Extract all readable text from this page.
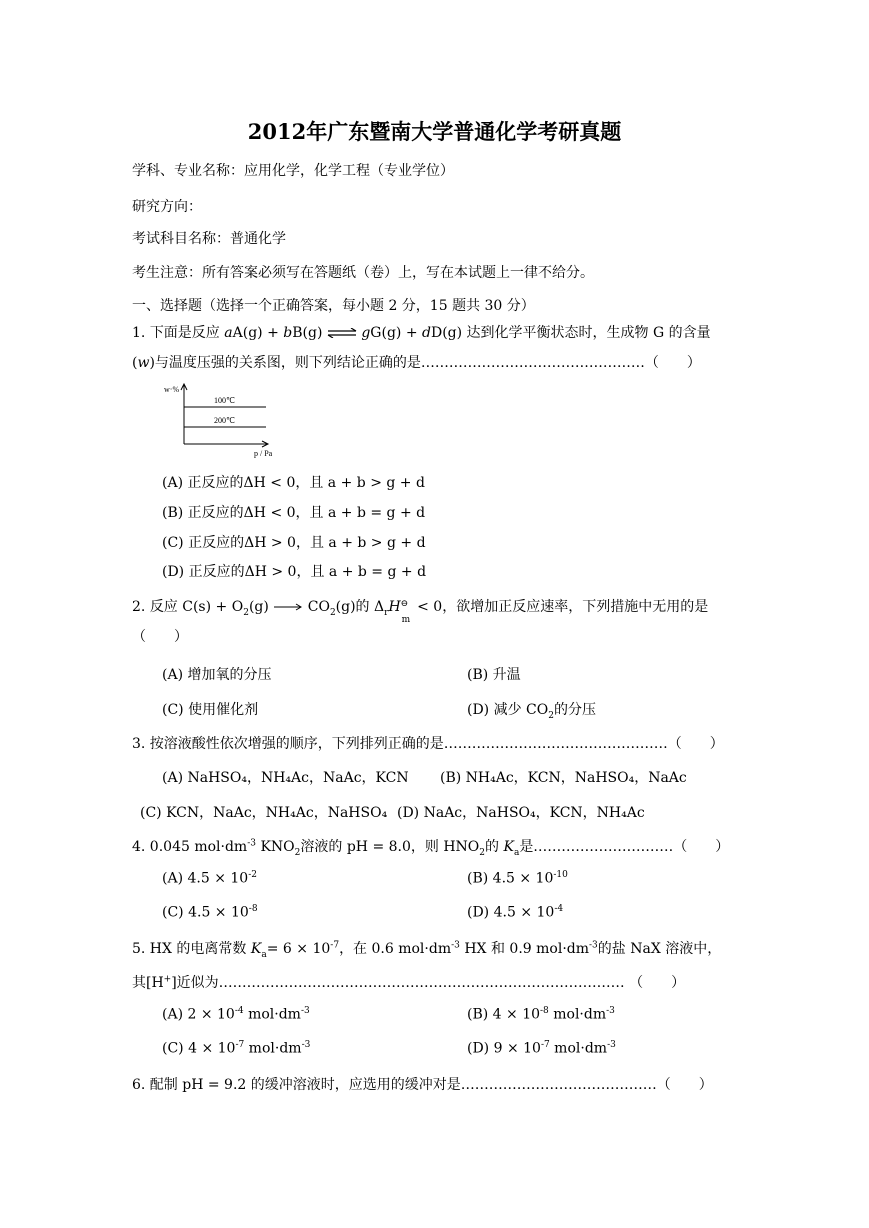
2012年广东暨南大学普通化学考研真题
学科、专业名称：应用化学，化学工程（专业学位）
研究方向：
考试科目名称：普通化学
考生注意：所有答案必须写在答题纸（卷）上，写在本试题上一律不给分。
一、选择题（选择一个正确答案，每小题 2 分，15 题共 30 分）
1. 下面是反应 aA(g) + bB(g) ⇌ gG(g) + dD(g) 达到化学平衡状态时，生成物 G 的含量
(w)与温度压强的关系图，则下列结论正确的是…………………………………………（　　）
w·%
100℃
200℃
p / Pa
(A) 正反应的ΔH < 0，且 a + b > g + d
(B) 正反应的ΔH < 0，且 a + b = g + d
(C) 正反应的ΔH > 0，且 a + b > g + d
(D) 正反应的ΔH > 0，且 a + b = g + d
2. 反应 $C(s) + O_2(g) \to CO_2(g)$的 $\Delta_rH$ ⊖
m
< 0，欲增加正反应速率，下列措施中无用的是
（　　）
(A) 增加氧的分压	(B) 升温
(C) 使用催化剂	(D) 减少 $CO_2$的分压
3. 按溶液酸性依次增强的顺序，下列排列正确的是…………………………………………（　　）
(A) NaHSO₄，NH₄Ac，NaAc，KCN (B) NH₄Ac，KCN，NaHSO₄，NaAc
(C) KCN，NaAc，NH₄Ac，NaHSO₄ (D) NaAc，NaHSO₄，KCN，NH₄Ac
4. 0.045 $mol\cdot dm^{-3}$ $KNO_2$溶液的 pH = 8.0，则 $HNO_2$的 $K_a$是…………………………（　　）
(A) $4.5 \times 10^{-2}$	(B) $4.5 \times 10^{-10}$
(C) $4.5 \times 10^{-8}$	(D) $4.5 \times 10^{-4}$
5. HX 的电离常数 $K_a= 6 \times 10^{-7}$，在 0.6 $mol\cdot dm^{-3}$ HX 和 0.9 $mol\cdot dm^{-3}$的盐 NaX 溶液中，
其[H+]近似为…………………………………………………………………………… （　　）
(A) $2 \times 10^{-4}$ $mol\cdot dm^{-3}$	(B) $4 \times 10^{-8}$ $mol\cdot dm^{-3}$
(C) $4 \times 10^{-7}$ $mol\cdot dm^{-3}$	(D) $9 \times 10^{-7}$ $mol\cdot dm^{-3}$
6. 配制 pH = 9.2 的缓冲溶液时，应选用的缓冲对是……………………………………（　　）
